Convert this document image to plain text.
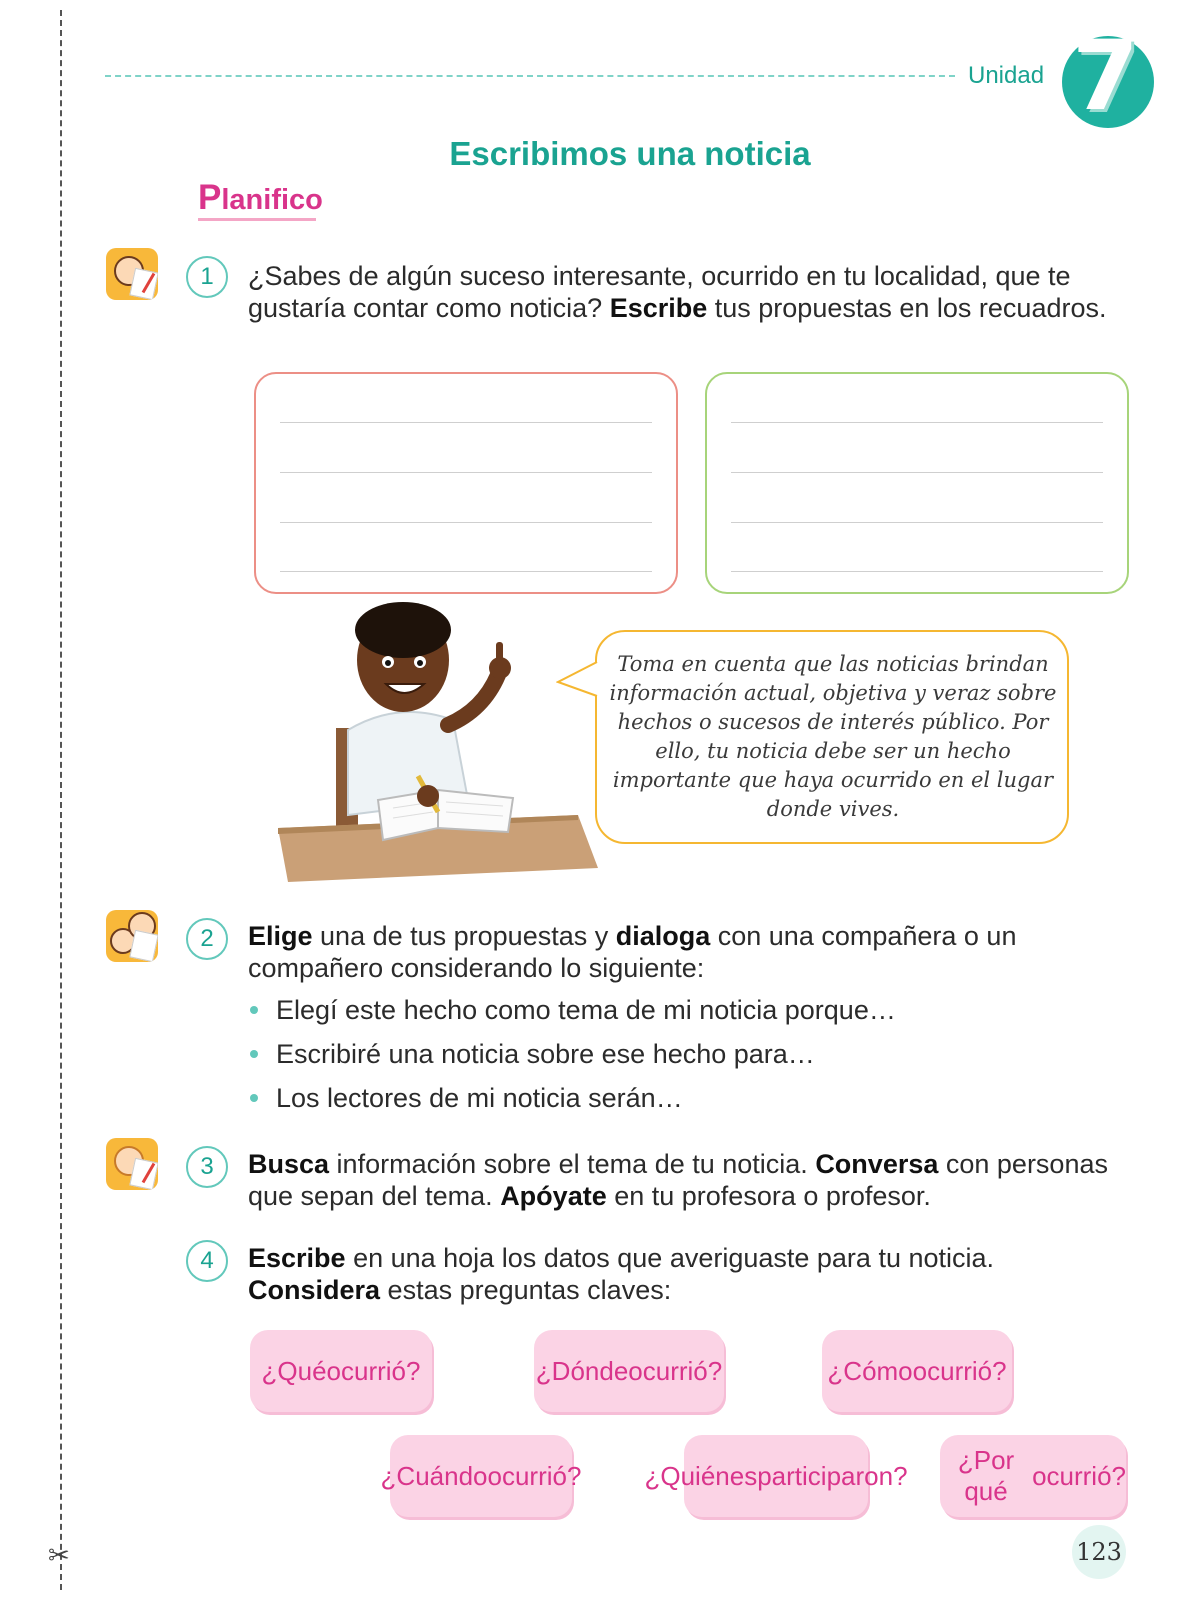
✂
Unidad 7
Escribimos una noticia
Planifico
1	¿Sabes de algún suceso interesante, ocurrido en tu localidad, que te gustaría contar como noticia? Escribe tus propuestas en los recuadros.
Toma en cuenta que las noticias brindan información actual, objetiva y veraz sobre hechos o sucesos de interés público. Por ello, tu noticia debe ser un hecho importante que haya ocurrido en el lugar donde vives.
2	Elige una de tus propuestas y dialoga con una compañera o un compañero considerando lo siguiente:
Elegí este hecho como tema de mi noticia porque…
Escribiré una noticia sobre ese hecho para…
Los lectores de mi noticia serán…
3	Busca información sobre el tema de tu noticia. Conversa con personas que sepan del tema. Apóyate en tu profesora o profesor.
4	Escribe en una hoja los datos que averiguaste para tu noticia. Considera estas preguntas claves:
¿Qué ocurrió?	¿Dónde ocurrió?	¿Cómo ocurrió?
¿Cuándo ocurrió? ¿Quiénes participaron?
¿Por qué

ocurrió?
123
